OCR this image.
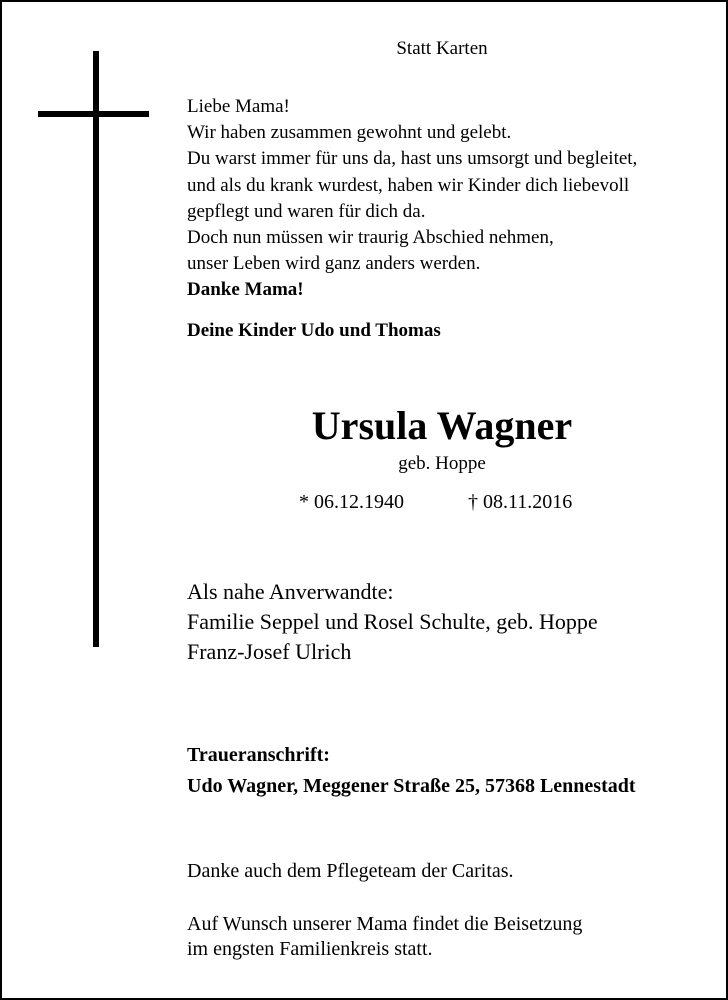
Statt Karten

Liebe Mama!
Wir haben zusammen gewohnt und gelebt.
Du warst immer für uns da, hast uns umsorgt und begleitet,
und als du krank wurdest, haben wir Kinder dich liebevoll
gepflegt und waren für dich da.
Doch nun müssen wir traurig Abschied nehmen,
unser Leben wird ganz anders werden.
Danke Mama!

Deine Kinder Udo und Thomas

Ursula Wagner

geb. Hoppe

* 06.12.1940	† 08.11.2016

Als nahe Anverwandte:
Familie Seppel und Rosel Schulte, geb. Hoppe
Franz-Josef Ulrich
Traueranschrift:
Udo Wagner, Meggener Straße 25, 57368 Lennestadt

Danke auch dem Pflegeteam der Caritas.

Auf Wunsch unserer Mama findet die Beisetzung
im engsten Familienkreis statt.
